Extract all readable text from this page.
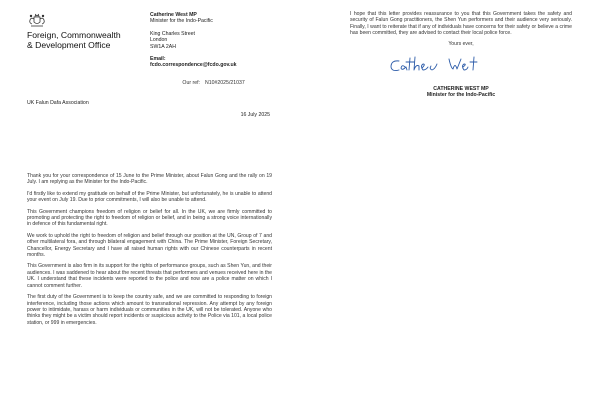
Foreign, Commonwealth
& Development Office
Catherine West MP
Minister for the Indo-Pacific
King Charles Street
London
SW1A 2AH
Email:
fcdo.correspondence@fcdo.gov.uk
Our ref: N10#2025/21037
UK Falun Dafa Association
16 July 2025

Thank you for your correspondence of 15 June to the Prime Minister, about Falun Gong and the rally on 19 July. I am replying as the Minister for the Indo-Pacific.

I'd firstly like to extend my gratitude on behalf of the Prime Minister, but unfortunately, he is unable to attend your event on July 19. Due to prior commitments, I will also be unable to attend.

This Government champions freedom of religion or belief for all. In the UK, we are firmly committed to promoting and protecting the right to freedom of religion or belief, and in being a strong voice internationally in defence of this fundamental right.

We work to uphold the right to freedom of religion and belief through our position at the UN, Group of 7 and other multilateral fora, and through bilateral engagement with China. The Prime Minister, Foreign Secretary, Chancellor, Energy Secretary and I have all raised human rights with our Chinese counterparts in recent months.

This Government is also firm in its support for the rights of performance groups, such as Shen Yun, and their audiences. I was saddened to hear about the recent threats that performers and venues received here in the UK. I understand that these incidents were reported to the police and now are a police matter on which I cannot comment further.

The first duty of the Government is to keep the country safe, and we are committed to responding to foreign interference, including those actions which amount to transnational repression. Any attempt by any foreign power to intimidate, harass or harm individuals or communities in the UK, will not be tolerated. Anyone who thinks they might be a victim should report incidents or suspicious activity to the Police via 101, a local police station, or 999 in emergencies.

I hope that this letter provides reassurance to you that this Government takes the safety and security of Falun Gong practitioners, the Shen Yun performers and their audience very seriously. Finally, I want to reiterate that if any of individuals have concerns for their safety or believe a crime has been committed, they are advised to contact their local police force.

Yours ever,
CATHERINE WEST MP
Minister for the Indo-Pacific
